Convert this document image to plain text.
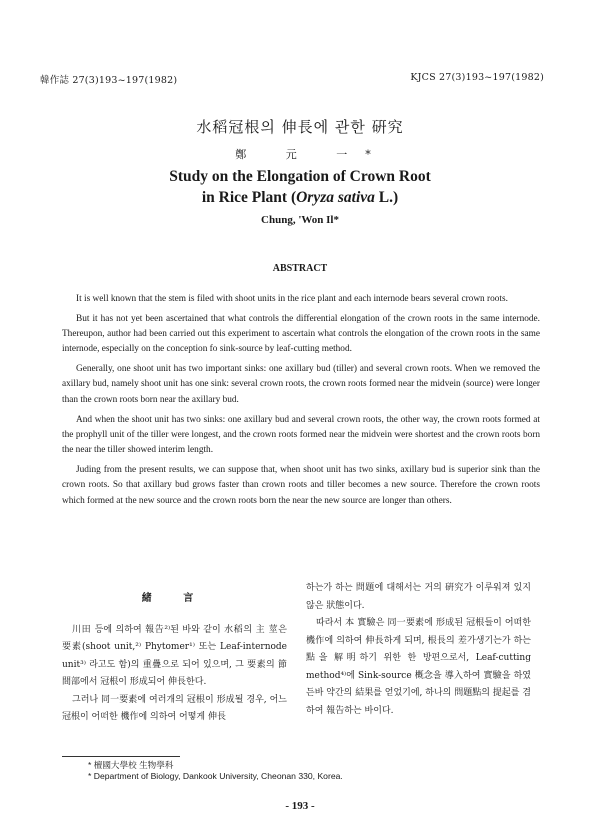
韓作誌 27(3)193~197(1982)	KJCS 27(3)193~197(1982)
水稻冠根의 伸長에 관한 硏究
鄭 元 一*
Study on the Elongation of Crown Root
in Rice Plant (Oryza sativa L.)
Chung, 'Won Il*
ABSTRACT

It is well known that the stem is filed with shoot units in the rice plant and each internode bears several crown roots.

But it has not yet been ascertained that what controls the differential elongation of the crown roots in the same internode. Thereupon, author had been carried out this experiment to ascertain what controls the elongation of the crown roots in the same internode, especially on the conception fo sink-source by leaf-cutting method.

Generally, one shoot unit has two important sinks: one axillary bud (tiller) and several crown roots. When we removed the axillary bud, namely shoot unit has one sink: several crown roots, the crown roots formed near the midvein (source) were longer than the crown roots born near the axillary bud.

And when the shoot unit has two sinks: one axillary bud and several crown roots, the other way, the crown roots formed at the prophyll unit of the tiller were longest, and the crown roots formed near the midvein were shortest and the crown roots born the near the tiller showed interim length.

Juding from the present results, we can suppose that, when shoot unit has two sinks, axillary bud is superior sink than the crown roots. So that axillary bud grows faster than crown roots and tiller becomes a new source. Therefore the crown roots which formed at the new source and the crown roots born the near the new source are longer than others.

緒 言

川田 등에 의하여 報告²⁾된 바와 같이 水稻의 主 莖은 要素(shoot unit,²⁾ Phytomer¹⁾ 또는 Leaf-internode unit³⁾ 라고도 함)의 重疊으로 되어 있으며, 그 要素의 節間部에서 冠根이 形成되어 伸長한다.

그러나 同一要素에 여러개의 冠根이 形成될 경우, 어느 冠根이 어떠한 機作에 의하여 어떻게 伸長

하는가 하는 問題에 대해서는 거의 硏究가 이루워져 있지 않은 狀態이다.

따라서 本 實驗은 同一要素에 形成된 冠根들이 어떠한 機作에 의하여 伸長하게 되며, 根長의 差가생기는가 하는 點을 解明하기 위한 한 방편으로서, Leaf-cutting method⁴⁾에 Sink-source 概念을 導入하여 實驗을 하였든바 약간의 結果를 얻었기에, 하나의 問題點의 提起를 겸하여 報告하는 바이다.

* 檀國大學校 生物學科
* Department of Biology, Dankook University, Cheonan 330, Korea.
- 193 -
